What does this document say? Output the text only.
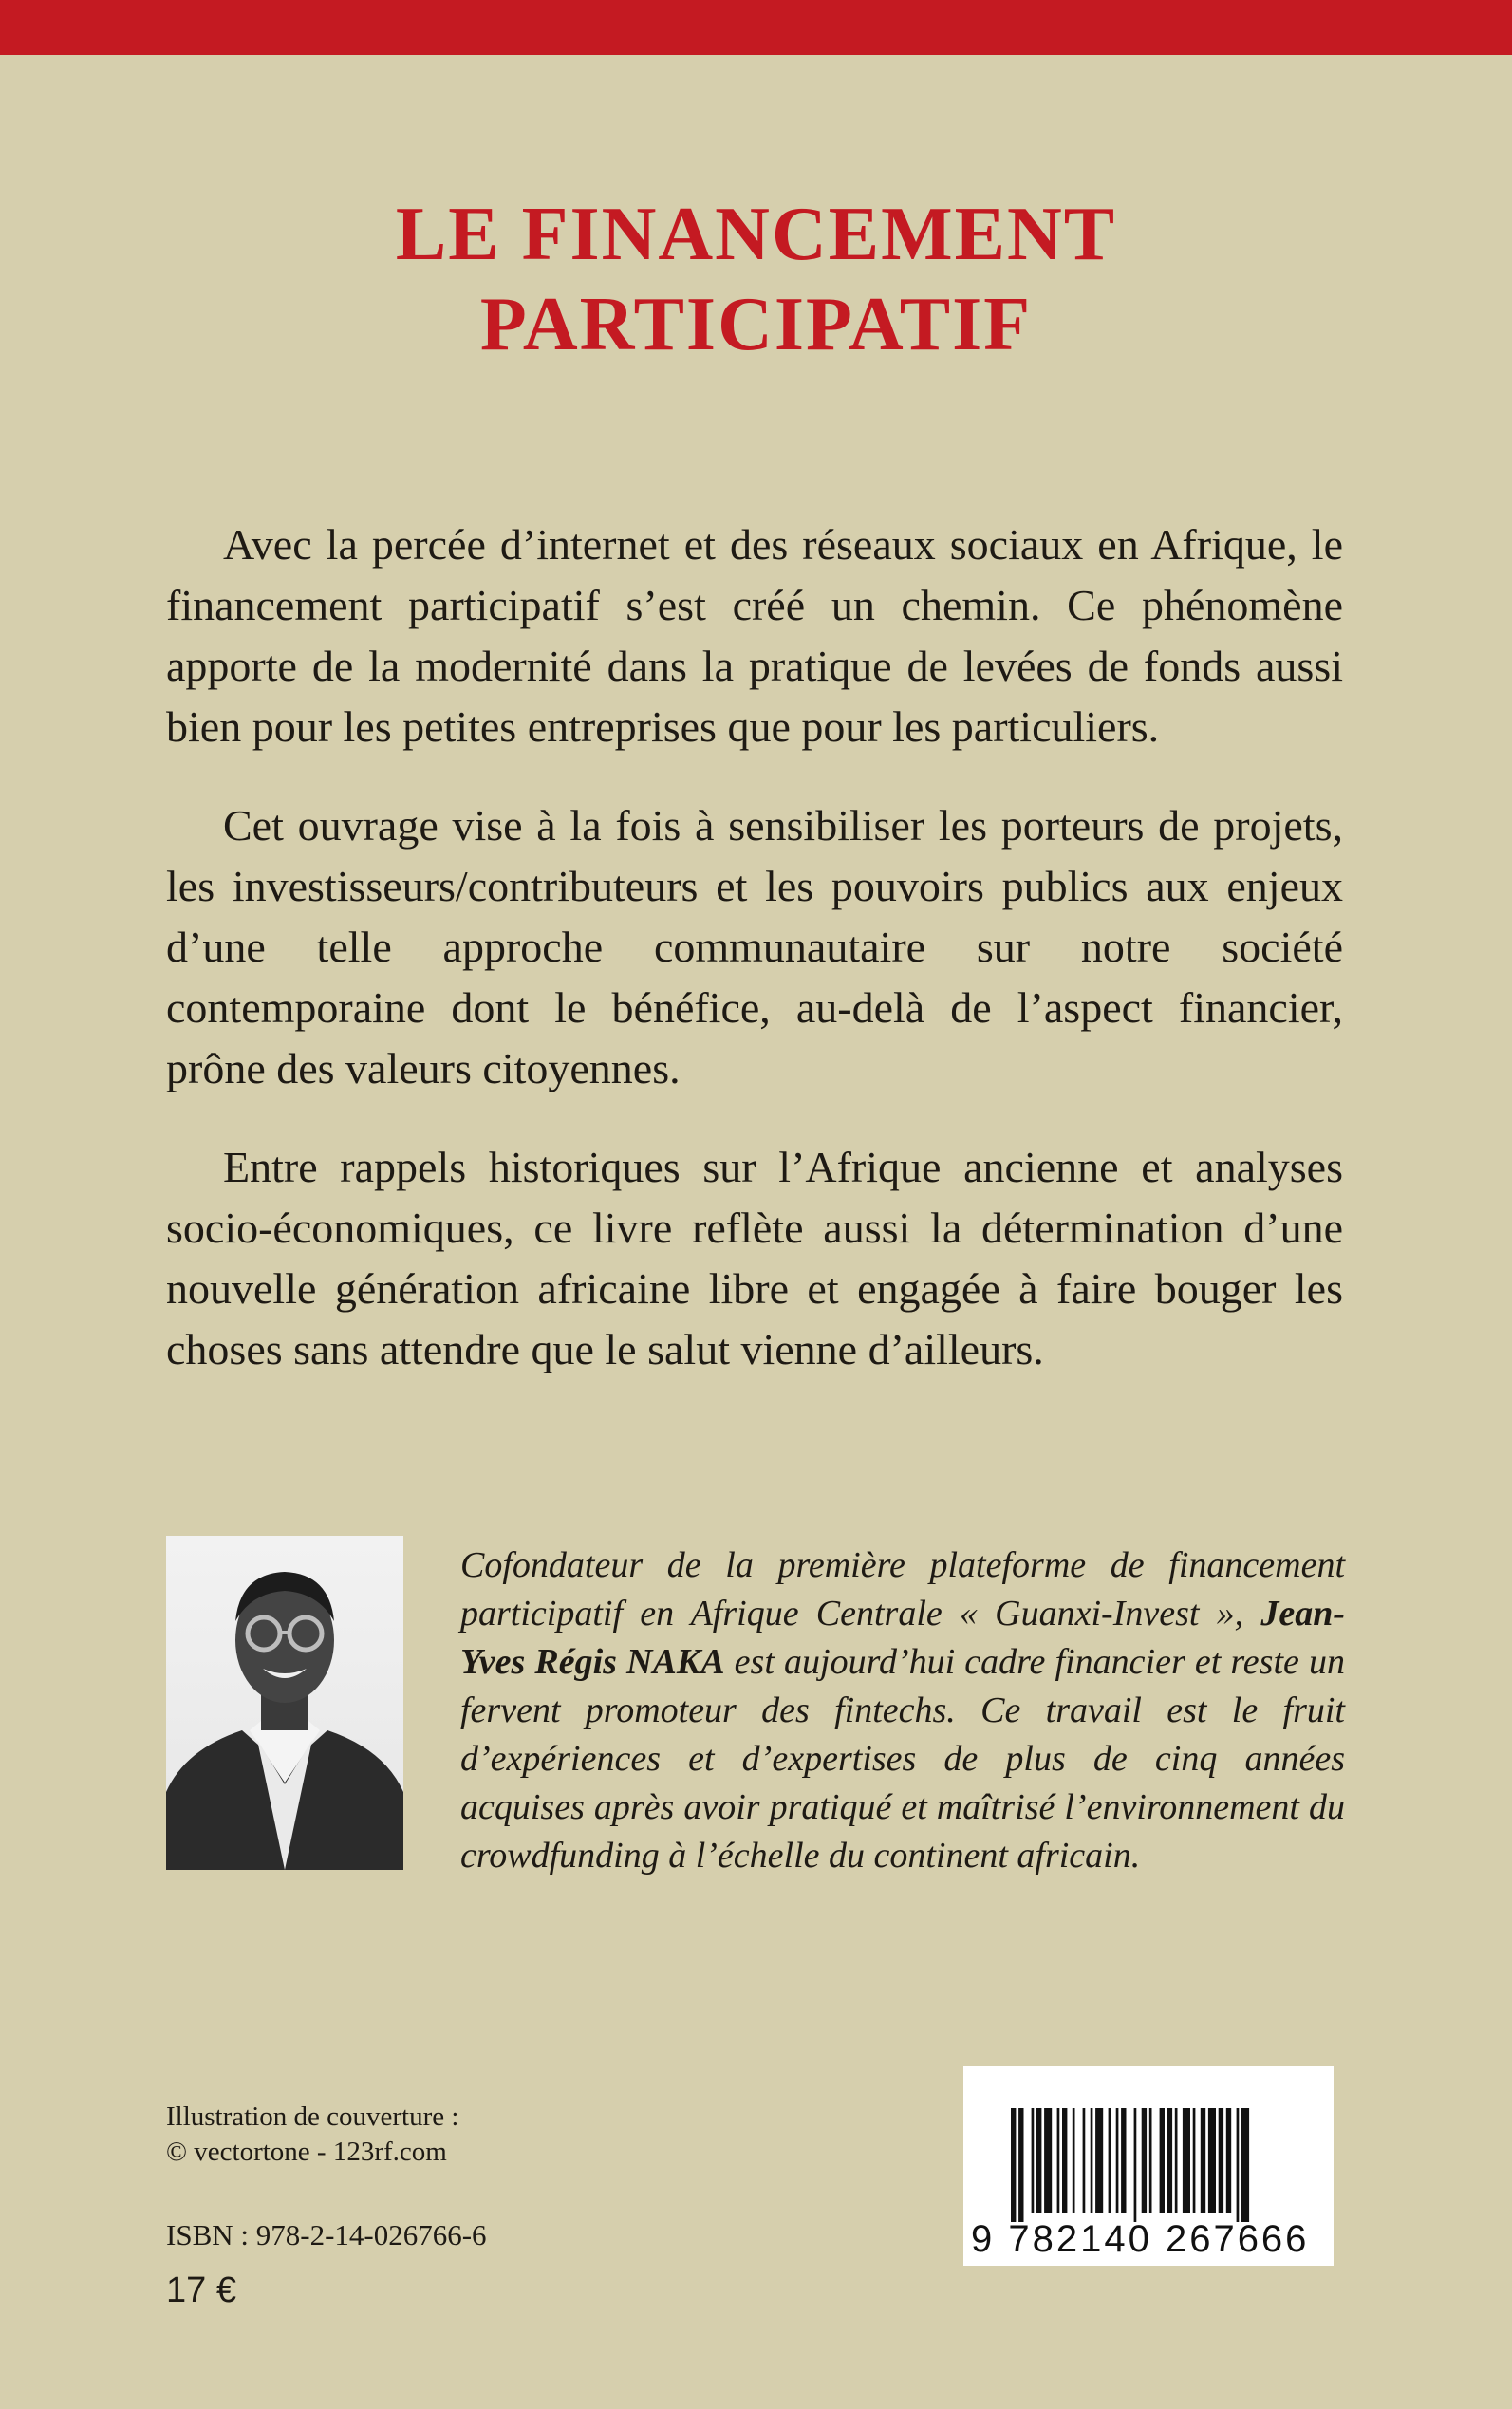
LE FINANCEMENT
PARTICIPATIF

Avec la percée d’internet et des réseaux sociaux en Afrique, le financement participatif s’est créé un chemin. Ce phénomène apporte de la modernité dans la pratique de levées de fonds aussi bien pour les petites entreprises que pour les particuliers.

Cet ouvrage vise à la fois à sensibiliser les porteurs de projets, les investisseurs/contributeurs et les pouvoirs publics aux enjeux d’une telle approche communautaire sur notre société contemporaine dont le bénéfice, au-delà de l’aspect financier, prône des valeurs citoyennes.

Entre rappels historiques sur l’Afrique ancienne et analyses socio-économiques, ce livre reflète aussi la détermination d’une nouvelle génération africaine libre et engagée à faire bouger les choses sans attendre que le salut vienne d’ailleurs.

Cofondateur de la première plateforme de financement participatif en Afrique Centrale « Guanxi-Invest », Jean-Yves Régis NAKA est aujourd’hui cadre financier et reste un fervent promoteur des fintechs. Ce travail est le fruit d’expériences et d’expertises de plus de cinq années acquises après avoir pratiqué et maîtrisé l’environnement du crowdfunding à l’échelle du continent africain.
Illustration de couverture :
© vectortone - 123rf.com
ISBN : 978-2-14-026766-6
17 €
9 782140 267666
